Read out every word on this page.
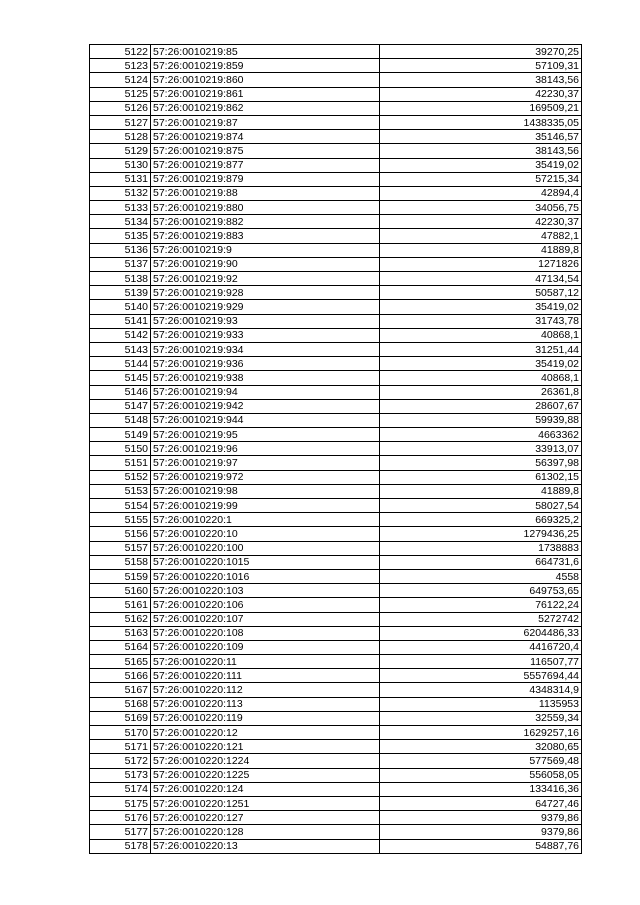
5122	57:26:0010219:85	39270,25
5123	57:26:0010219:859	57109,31
5124	57:26:0010219:860	38143,56
5125	57:26:0010219:861	42230,37
5126	57:26:0010219:862	169509,21
5127	57:26:0010219:87	1438335,05
5128	57:26:0010219:874	35146,57
5129	57:26:0010219:875	38143,56
5130	57:26:0010219:877	35419,02
5131	57:26:0010219:879	57215,34
5132	57:26:0010219:88	42894,4
5133	57:26:0010219:880	34056,75
5134	57:26:0010219:882	42230,37
5135	57:26:0010219:883	47882,1
5136	57:26:0010219:9	41889,8
5137	57:26:0010219:90	1271826
5138	57:26:0010219:92	47134,54
5139	57:26:0010219:928	50587,12
5140	57:26:0010219:929	35419,02
5141	57:26:0010219:93	31743,78
5142	57:26:0010219:933	40868,1
5143	57:26:0010219:934	31251,44
5144	57:26:0010219:936	35419,02
5145	57:26:0010219:938	40868,1
5146	57:26:0010219:94	26361,8
5147	57:26:0010219:942	28607,67
5148	57:26:0010219:944	59939,88
5149	57:26:0010219:95	4663362
5150	57:26:0010219:96	33913,07
5151	57:26:0010219:97	56397,98
5152	57:26:0010219:972	61302,15
5153	57:26:0010219:98	41889,8
5154	57:26:0010219:99	58027,54
5155	57:26:0010220:1	669325,2
5156	57:26:0010220:10	1279436,25
5157	57:26:0010220:100	1738883
5158	57:26:0010220:1015	664731,6
5159	57:26:0010220:1016	4558
5160	57:26:0010220:103	649753,65
5161	57:26:0010220:106	76122,24
5162	57:26:0010220:107	5272742
5163	57:26:0010220:108	6204486,33
5164	57:26:0010220:109	4416720,4
5165	57:26:0010220:11	116507,77
5166	57:26:0010220:111	5557694,44
5167	57:26:0010220:112	4348314,9
5168	57:26:0010220:113	1135953
5169	57:26:0010220:119	32559,34
5170	57:26:0010220:12	1629257,16
5171	57:26:0010220:121	32080,65
5172	57:26:0010220:1224	577569,48
5173	57:26:0010220:1225	556058,05
5174	57:26:0010220:124	133416,36
5175	57:26:0010220:1251	64727,46
5176	57:26:0010220:127	9379,86
5177	57:26:0010220:128	9379,86
5178	57:26:0010220:13	54887,76
